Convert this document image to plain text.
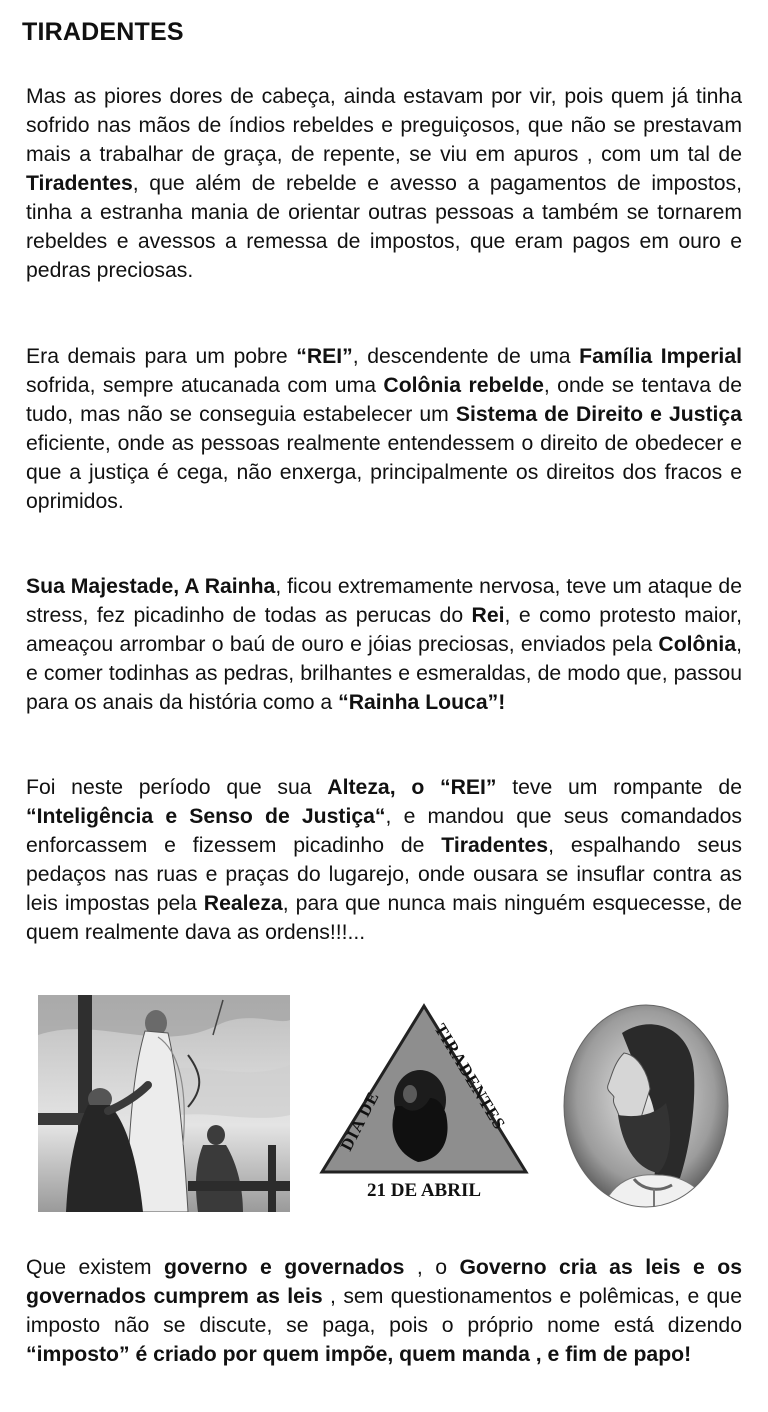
TIRADENTES

Mas as piores dores de cabeça, ainda estavam por vir, pois quem já tinha sofrido nas mãos de índios rebeldes e preguiçosos, que não se prestavam mais a trabalhar de graça, de repente, se viu em apuros , com um tal de Tiradentes, que além de rebelde e avesso a pagamentos de impostos, tinha a estranha mania de orientar outras pessoas a também se tornarem rebeldes e avessos a remessa de impostos, que eram pagos em ouro e pedras preciosas.

Era demais para um pobre “REI”, descendente de uma Família Imperial sofrida, sempre atucanada com uma Colônia rebelde, onde se tentava de tudo, mas não se conseguia estabelecer um Sistema de Direito e Justiça eficiente, onde as pessoas realmente entendessem o direito de obedecer e que a justiça é cega, não enxerga, principalmente os direitos dos fracos e oprimidos.

Sua Majestade, A Rainha, ficou extremamente nervosa, teve um ataque de stress, fez picadinho de todas as perucas do Rei, e como protesto maior, ameaçou arrombar o baú de ouro e jóias preciosas, enviados pela Colônia, e comer todinhas as pedras, brilhantes e esmeraldas, de modo que, passou para os anais da história como a “Rainha Louca”!

Foi neste período que sua Alteza, o “REI” teve um rompante de “Inteligência e Senso de Justiça“, e mandou que seus comandados enforcassem e fizessem picadinho de Tiradentes, espalhando seus pedaços nas ruas e praças do lugarejo, onde ousara se insuflar contra as leis impostas pela Realeza, para que nunca mais ninguém esquecesse, de quem realmente dava as ordens!!!...

DIA DE
TIRADENTES
21 DE ABRIL

Que existem governo e governados , o Governo cria as leis e os governados cumprem as leis , sem questionamentos e polêmicas, e que imposto não se discute, se paga, pois o próprio nome está dizendo “imposto” é criado por quem impõe, quem manda , e fim de papo!
